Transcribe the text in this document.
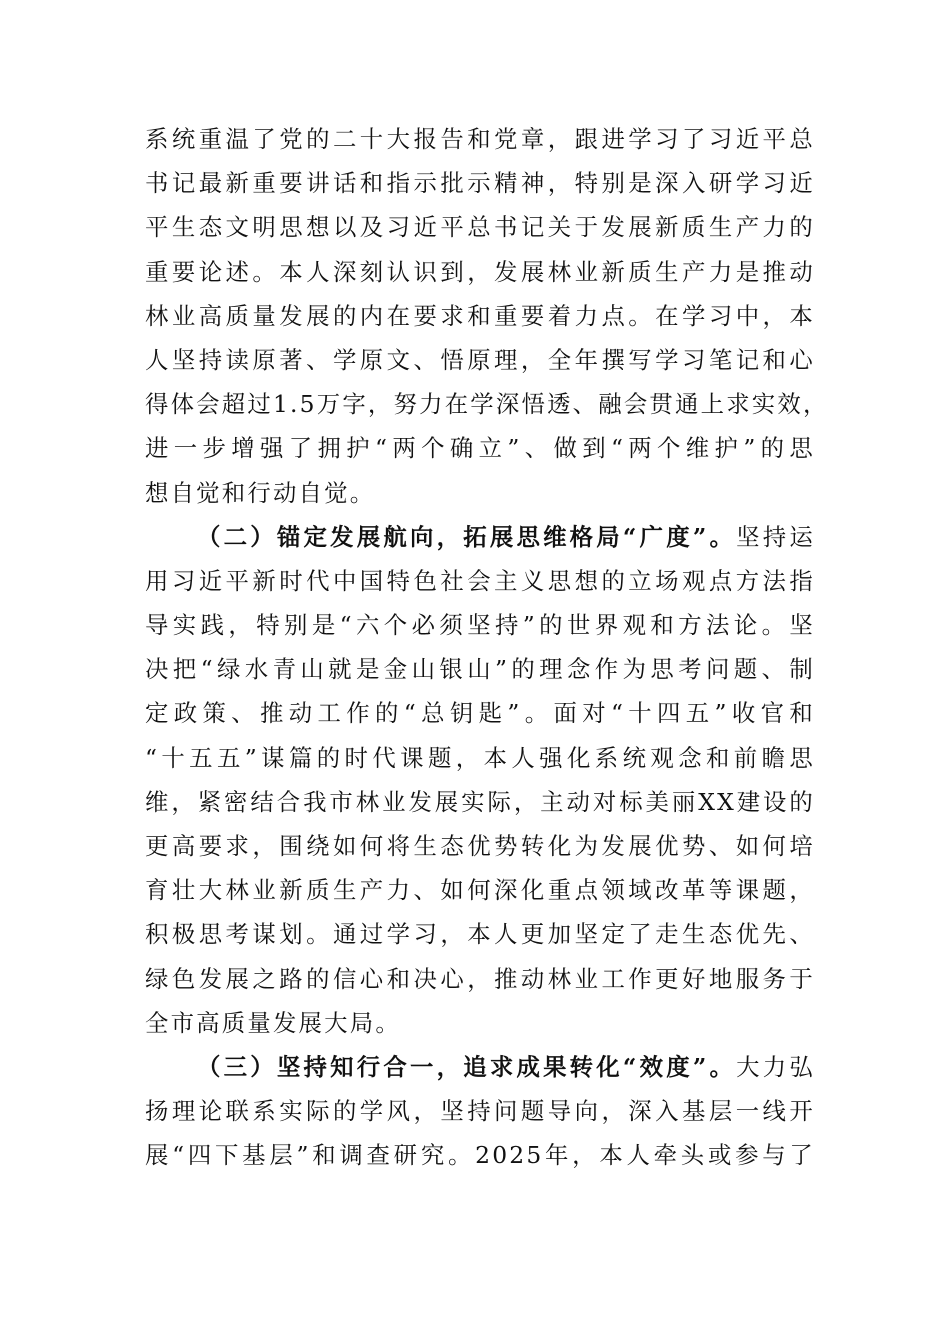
系统重温了党的二十大报告和党章，跟进学习了习近平总
书记最新重要讲话和指示批示精神，特别是深入研学习近
平生态文明思想以及习近平总书记关于发展新质生产力的
重要论述。本人深刻认识到，发展林业新质生产力是推动
林业高质量发展的内在要求和重要着力点。在学习中，本
人坚持读原著、学原文、悟原理，全年撰写学习笔记和心
得体会超过1.5万字，努力在学深悟透、融会贯通上求实效，
进一步增强了拥护“两个确立”、做到“两个维护”的思
想自觉和行动自觉。
（二）锚定发展航向，拓展思维格局“广度”。坚持运
用习近平新时代中国特色社会主义思想的立场观点方法指
导实践，特别是“六个必须坚持”的世界观和方法论。坚
决把“绿水青山就是金山银山”的理念作为思考问题、制
定政策、推动工作的“总钥匙”。面对“十四五”收官和
“十五五”谋篇的时代课题，本人强化系统观念和前瞻思
维，紧密结合我市林业发展实际，主动对标美丽XX建设的
更高要求，围绕如何将生态优势转化为发展优势、如何培
育壮大林业新质生产力、如何深化重点领域改革等课题，
积极思考谋划。通过学习，本人更加坚定了走生态优先、
绿色发展之路的信心和决心，推动林业工作更好地服务于
全市高质量发展大局。
（三）坚持知行合一，追求成果转化“效度”。大力弘
扬理论联系实际的学风，坚持问题导向，深入基层一线开
展“四下基层”和调查研究。2025年，本人牵头或参与了
